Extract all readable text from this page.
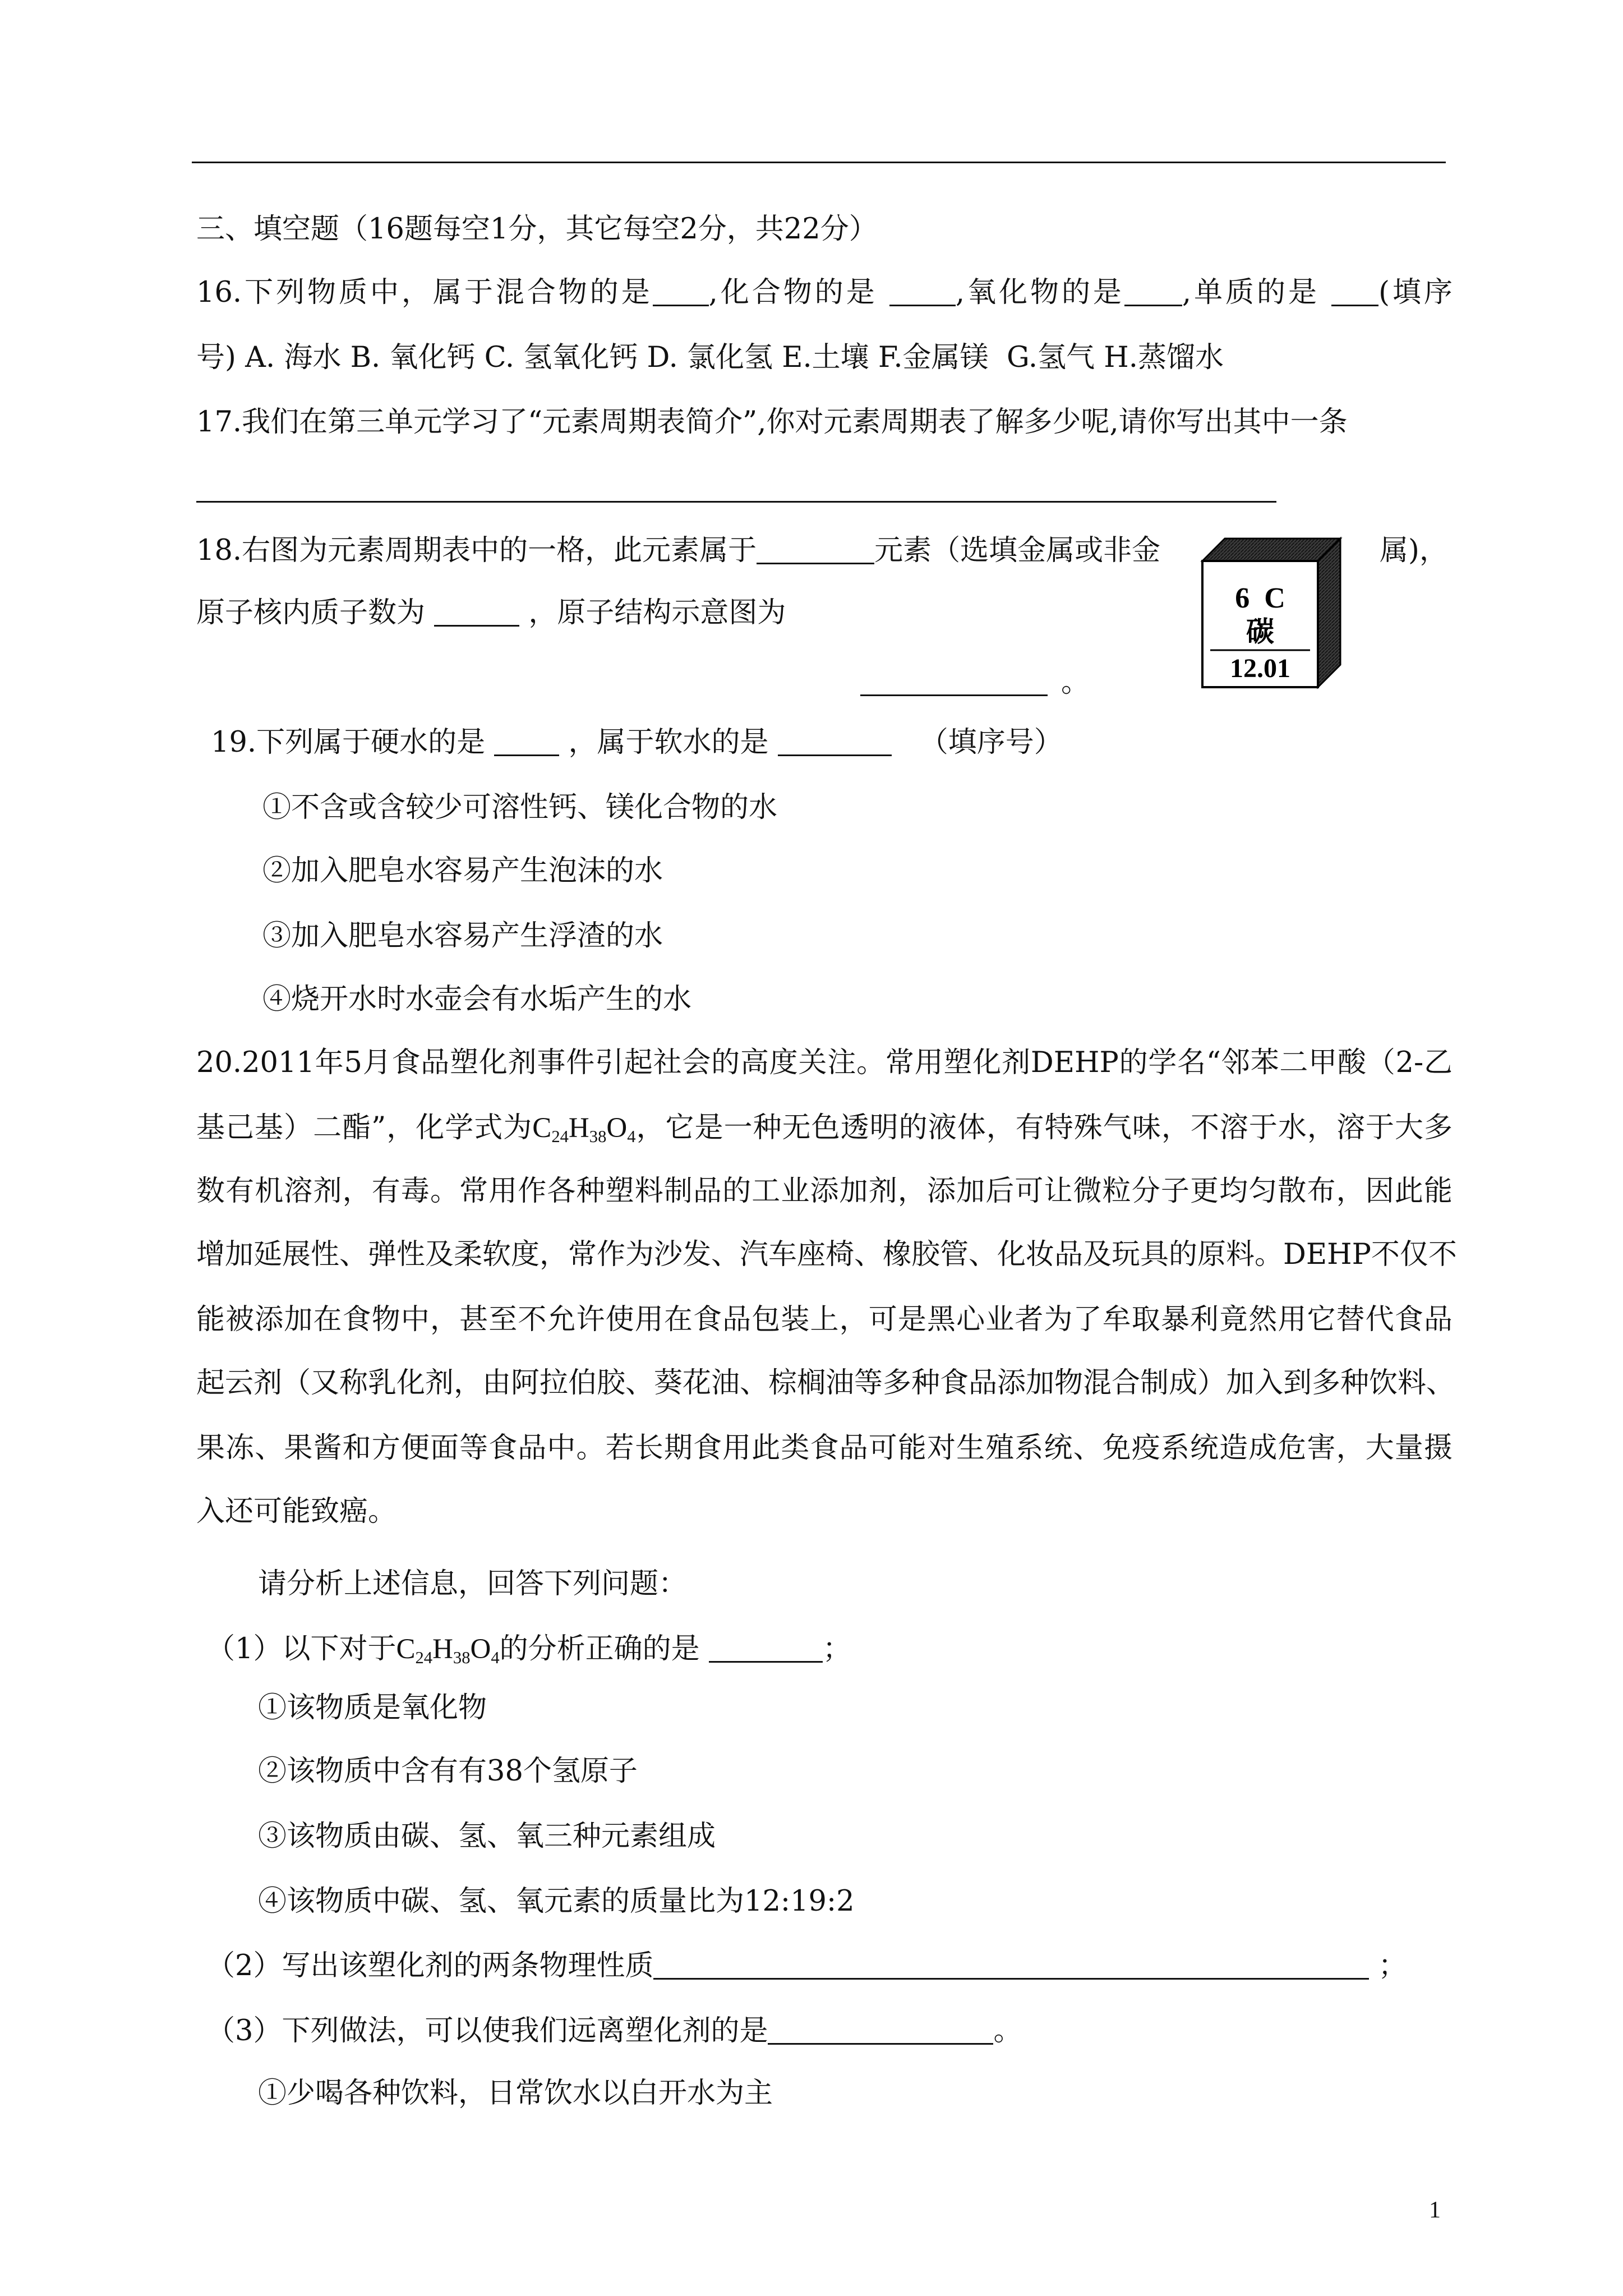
三、填空题（16题每空1分，其它每空2分，共22分）
16.下列物质中，属于混合物的是 ,化合物的是 ,氧化物的是 ,单质的是 (填序
号) A. 海水 B. 氧化钙 C. 氢氧化钙 D. 氯化氢 E.土壤 F.金属镁  G.氢气 H.蒸馏水
17.我们在第三单元学习了“元素周期表简介”,你对元素周期表了解多少呢,请你写出其中一条
18.右图为元素周期表中的一格，此元素属于	元素（选填金属或非金	属)，
原子核内质子数为	，原子结构示意图为
。
6 C
碳
12.01
19.下列属于硬水的是  ，属于软水的是	（填序号）
①不含或含较少可溶性钙、镁化合物的水
②加入肥皂水容易产生泡沫的水
③加入肥皂水容易产生浮渣的水
④烧开水时水壶会有水垢产生的水
20.2011年5月食品塑化剂事件引起社会的高度关注。常用塑化剂DEHP的学名“邻苯二甲酸（2-乙
基己基）二酯”，化学式为$C_{24}H_{38}O_4$，它是一种无色透明的液体，有特殊气味，不溶于水，溶于大多
数有机溶剂，有毒。常用作各种塑料制品的工业添加剂，添加后可让微粒分子更均匀散布，因此能
增加延展性、弹性及柔软度，常作为沙发、汽车座椅、橡胶管、化妆品及玩具的原料。DEHP不仅不
能被添加在食物中，甚至不允许使用在食品包装上，可是黑心业者为了牟取暴利竟然用它替代食品
起云剂（又称乳化剂，由阿拉伯胶、葵花油、棕榈油等多种食品添加物混合制成）加入到多种饮料、
果冻、果酱和方便面等食品中。若长期食用此类食品可能对生殖系统、免疫系统造成危害，大量摄
入还可能致癌。
请分析上述信息，回答下列问题：
（1）以下对于$C_{24}H_{38}O_4$的分析正确的是	；
①该物质是氧化物
②该物质中含有有38个氢原子
③该物质由碳、氢、氧三种元素组成
④该物质中碳、氢、氧元素的质量比为12:19:2
（2）写出该塑化剂的两条物理性质	；
（3）下列做法，可以使我们远离塑化剂的是	。
①少喝各种饮料，日常饮水以白开水为主
1
